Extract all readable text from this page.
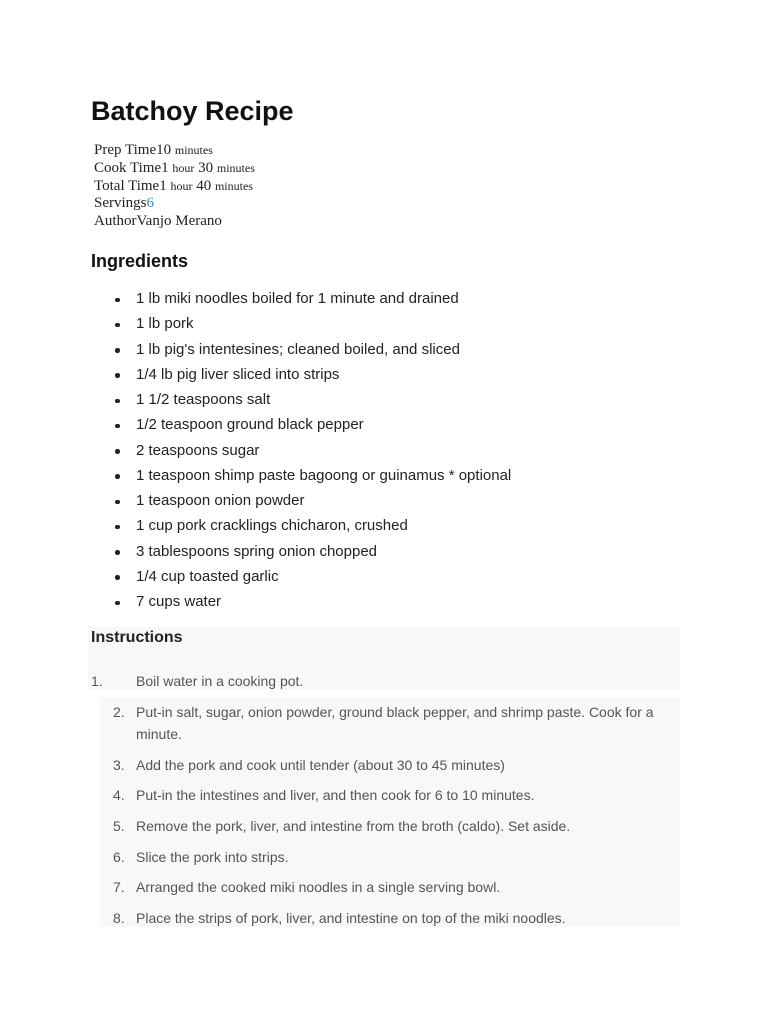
Batchoy Recipe
Prep Time10 minutes
Cook Time1 hour 30 minutes
Total Time1 hour 40 minutes
Servings6
AuthorVanjo Merano
Ingredients
1 lb miki noodles boiled for 1 minute and drained
1 lb pork
1 lb pig's intentesines; cleaned boiled, and sliced
1/4 lb pig liver sliced into strips
1 1/2 teaspoons salt
1/2 teaspoon ground black pepper
2 teaspoons sugar
1 teaspoon shimp paste bagoong or guinamus * optional
1 teaspoon onion powder
1 cup pork cracklings chicharon, crushed
3 tablespoons spring onion chopped
1/4 cup toasted garlic
7 cups water
Instructions
1. Boil water in a cooking pot.
2. Put-in salt, sugar, onion powder, ground black pepper, and shrimp paste. Cook for a minute.
3. Add the pork and cook until tender (about 30 to 45 minutes)
4. Put-in the intestines and liver, and then cook for 6 to 10 minutes.
5. Remove the pork, liver, and intestine from the broth (caldo). Set aside.
6. Slice the pork into strips.
7. Arranged the cooked miki noodles in a single serving bowl.
8. Place the strips of pork, liver, and intestine on top of the miki noodles.
